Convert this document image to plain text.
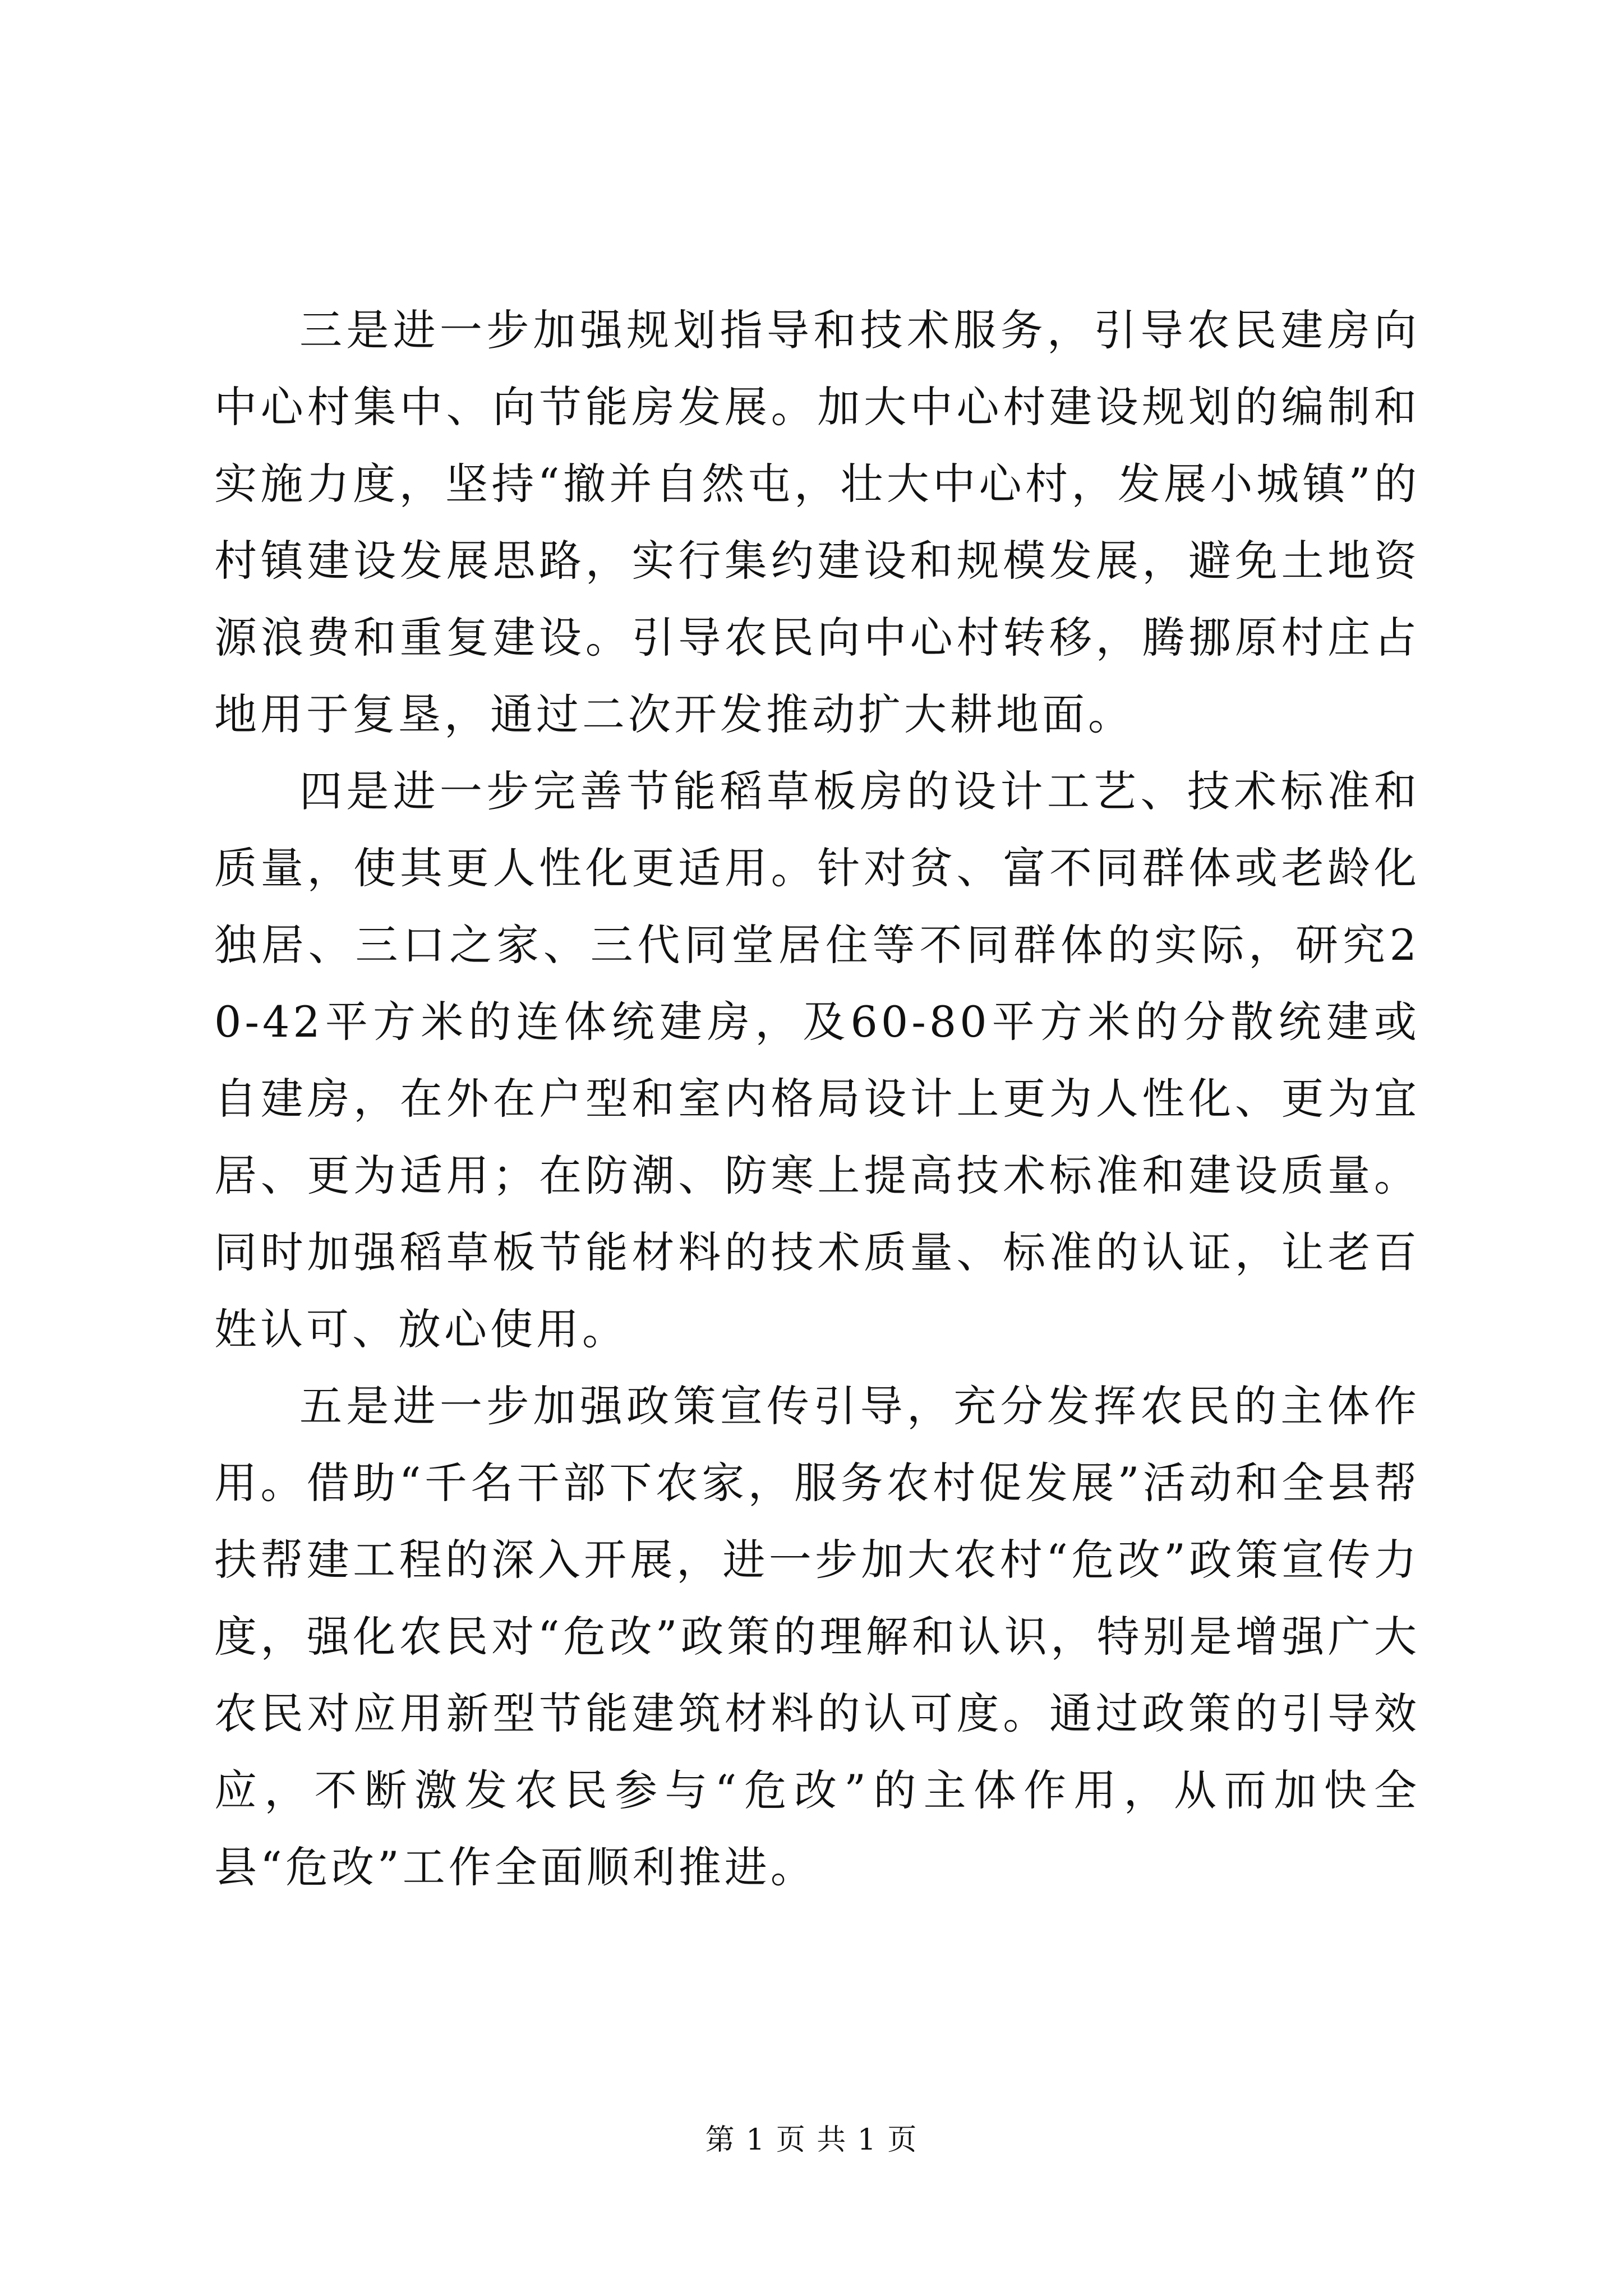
三是进一步加强规划指导和技术服务，引导农民建房向中心村集中、向节能房发展。加大中心村建设规划的编制和实施力度，坚持“撤并自然屯，壮大中心村，发展小城镇”的村镇建设发展思路，实行集约建设和规模发展，避免土地资源浪费和重复建设。引导农民向中心村转移，腾挪原村庄占地用于复垦，通过二次开发推动扩大耕地面。

四是进一步完善节能稻草板房的设计工艺、技术标准和质量，使其更人性化更适用。针对贫、富不同群体或老龄化独居、三口之家、三代同堂居住等不同群体的实际，研究20-42平方米的连体统建房，及60-80平方米的分散统建或自建房，在外在户型和室内格局设计上更为人性化、更为宜居、更为适用；在防潮、防寒上提高技术标准和建设质量。同时加强稻草板节能材料的技术质量、标准的认证，让老百姓认可、放心使用。

五是进一步加强政策宣传引导，充分发挥农民的主体作用。借助“千名干部下农家，服务农村促发展”活动和全县帮扶帮建工程的深入开展，进一步加大农村“危改”政策宣传力度，强化农民对“危改”政策的理解和认识，特别是增强广大农民对应用新型节能建筑材料的认可度。通过政策的引导效应，不断激发农民参与“危改”的主体作用，从而加快全县“危改”工作全面顺利推进。

第 1 页 共 1 页
